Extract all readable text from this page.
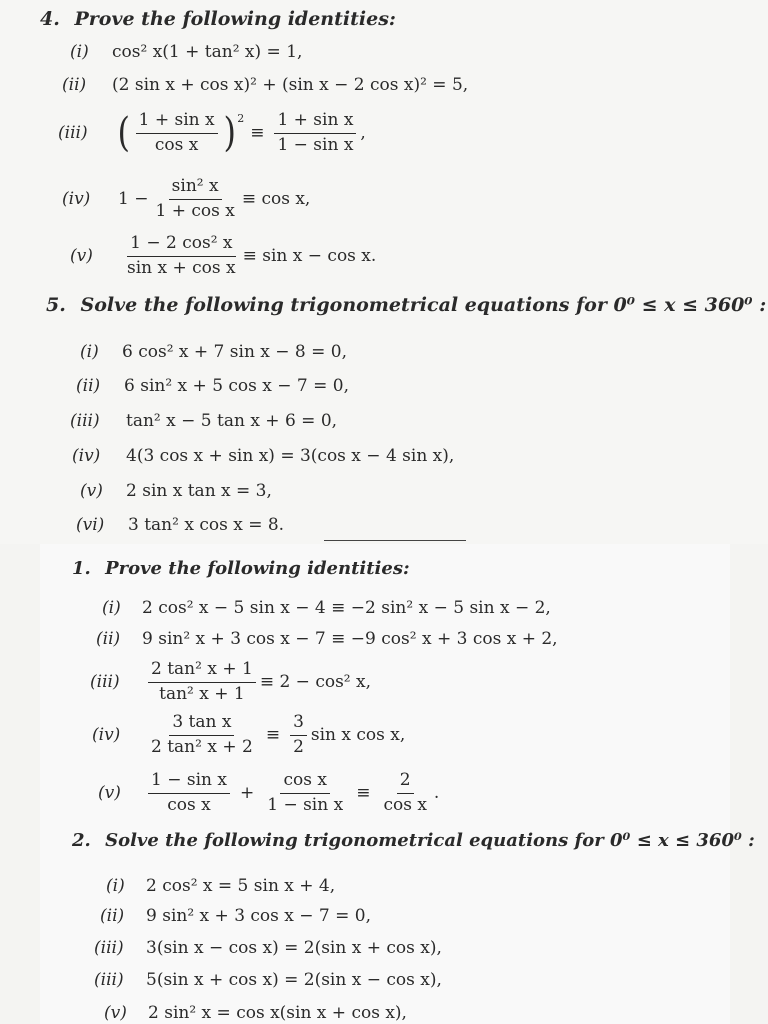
4. Prove the following identities:
(i)	cos² x(1 + tan² x) = 1,
(ii)	(2 sin x + cos x)² + (sin x − 2 cos x)² = 5,
(iii) ( $\frac{\text{1 + sin x}}{\text{cos x}}$ ) 2
≡ $\frac{\text{1 + sin x}}{\text{1 − sin x}}$ ,
(iv)	$1 - \frac{\text{sin² x}}{\text{1 + cos x}} \equiv \cos x$,
(v)	$\frac{\text{1 − 2 cos² x}}{\text{sin x + cos x}} \equiv \sin x - \cos x$.
5. Solve the following trigonometrical equations for 0⁰ ≤ x ≤ 360⁰ :
(i)	6 cos² x + 7 sin x − 8 = 0,
(ii)	6 sin² x + 5 cos x − 7 = 0,
(iii)	tan² x − 5 tan x + 6 = 0,
(iv)	4(3 cos x + sin x) = 3(cos x − 4 sin x),
(v)	2 sin x tan x = 3,
(vi)	3 tan² x cos x = 8.
1. Prove the following identities:
(i)	2 cos² x − 5 sin x − 4 ≡ −2 sin² x − 5 sin x − 2,
(ii)	9 sin² x + 3 cos x − 7 ≡ −9 cos² x + 3 cos x + 2,
(iii)	$\frac{\text{2 tan² x + 1}}{\text{tan² x + 1}} \equiv 2 - \cos^2$ x,
(iv)	$\frac{\text{3 tan x}}{\text{2 tan² x + 2}} \equiv \frac{3}{2}$ sin x cos x,
(v)	$\frac{\text{1 − sin x}}{\text{cos x}} + \frac{\text{cos x}}{\text{1 − sin x}} \equiv \frac{2}{\text{cos x}}$ .
2. Solve the following trigonometrical equations for 0⁰ ≤ x ≤ 360⁰ :
(i)	2 cos² x = 5 sin x + 4,
(ii)	9 sin² x + 3 cos x − 7 = 0,
(iii)	3(sin x − cos x) = 2(sin x + cos x),
(iii)	5(sin x + cos x) = 2(sin x − cos x),
(v)	2 sin² x = cos x(sin x + cos x),
